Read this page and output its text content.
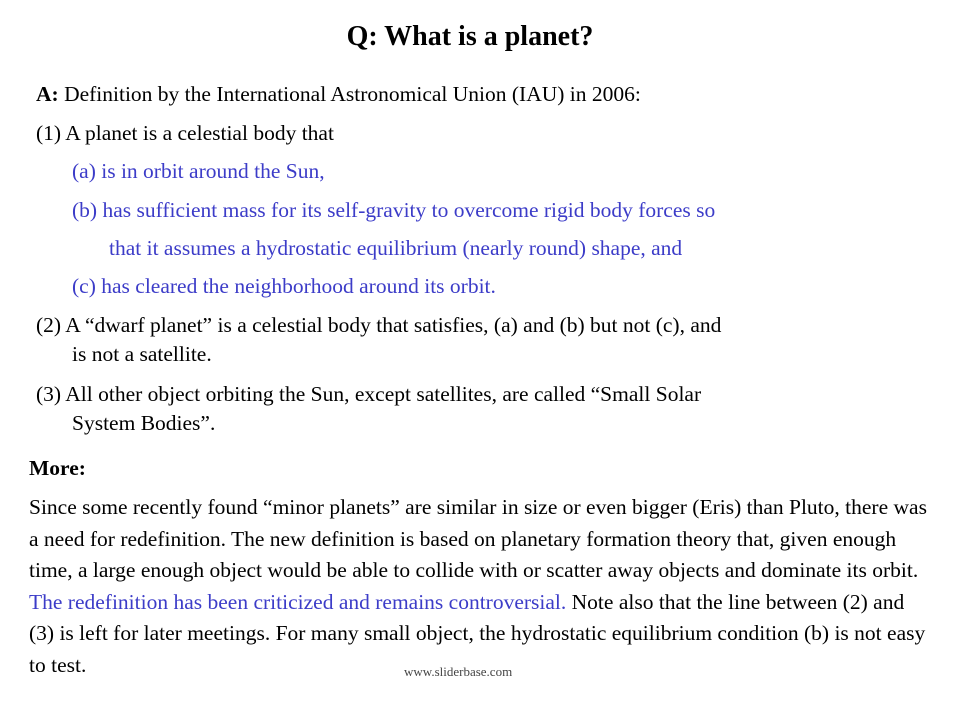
Q: What is a planet?
A: Definition by the International Astronomical Union (IAU) in 2006:
(1) A planet is a celestial body that
(a) is in orbit around the Sun,
(b) has sufficient mass for its self-gravity to overcome rigid body forces so
that it assumes a hydrostatic equilibrium (nearly round) shape, and
(c) has cleared the neighborhood around its orbit.
(2) A “dwarf planet” is a celestial body that satisfies, (a) and (b) but not (c), and
is not a satellite.
(3) All other object orbiting the Sun, except satellites, are called “Small Solar
System Bodies”.
More:
Since some recently found “minor planets” are similar in size or even bigger (Eris) than Pluto, there was a need for redefinition. The new definition is based on planetary formation theory that, given enough time, a large enough object would be able to collide with or scatter away objects and dominate its orbit. The redefinition has been criticized and remains controversial. Note also that the line between (2) and (3) is left for later meetings. For many small object, the hydrostatic equilibrium condition (b) is not easy to test.	www.sliderbase.com
